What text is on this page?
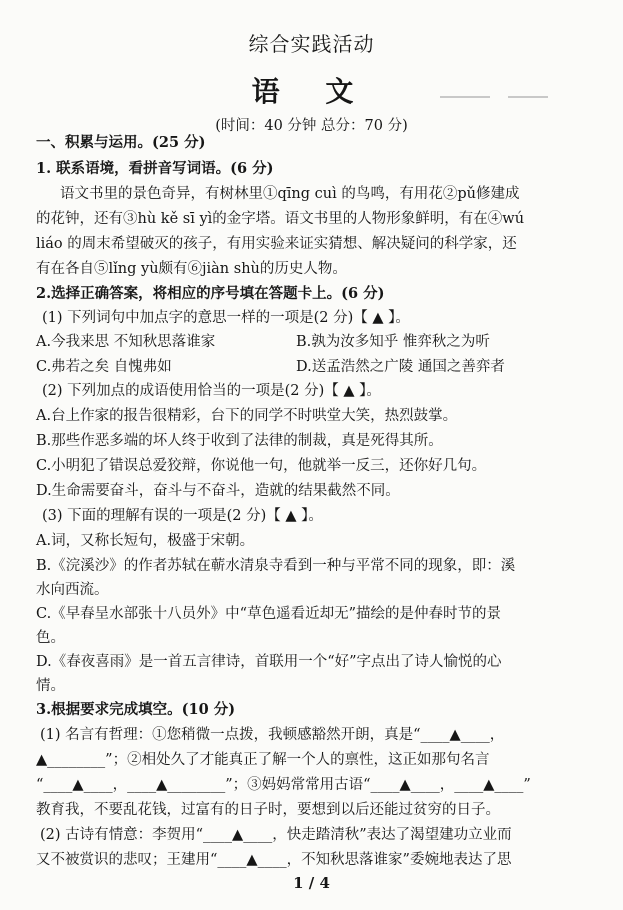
综合实践活动
语 文
(时间：40 分钟 总分：70 分)
一、积累与运用。(25 分)
1. 联系语境，看拼音写词语。(6 分)
语文书里的景色奇异，有树林里①qīng cuì 的鸟鸣，有用花②pǔ修建成
的花钟，还有③hù kě sī yì的金字塔。语文书里的人物形象鲜明，有在④wú
liáo 的周末希望破灭的孩子，有用实验来证实猜想、解决疑问的科学家，还
有在各自⑤lǐng yù颇有⑥jiàn shù的历史人物。
2.选择正确答案，将相应的序号填在答题卡上。(6 分)
(1) 下列词句中加点字的意思一样的一项是(2 分)【 ▲ 】。
A.今我来思 不知秋思落谁家	B.孰为汝多知乎 惟弈秋之为听
C.弗若之矣 自愧弗如	D.送孟浩然之广陵 通国之善弈者
(2) 下列加点的成语使用恰当的一项是(2 分)【 ▲ 】。
A.台上作家的报告很精彩，台下的同学不时哄堂大笑，热烈鼓掌。
B.那些作恶多端的坏人终于收到了法律的制裁，真是死得其所。
C.小明犯了错误总爱狡辩，你说他一句，他就举一反三，还你好几句。
D.生命需要奋斗，奋斗与不奋斗，造就的结果截然不同。
(3) 下面的理解有误的一项是(2 分)【 ▲ 】。
A.词，又称长短句，极盛于宋朝。
B.《浣溪沙》的作者苏轼在蕲水清泉寺看到一种与平常不同的现象，即：溪
水向西流。
C.《早春呈水部张十八员外》中“草色遥看近却无”描绘的是仲春时节的景
色。
D.《春夜喜雨》是一首五言律诗，首联用一个“好”字点出了诗人愉悦的心
情。
3.根据要求完成填空。(10 分)
(1) 名言有哲理：①您稍微一点拨，我顿感豁然开朗，真是“____▲____，
▲________”；②相处久了才能真正了解一个人的禀性，这正如那句名言
“____▲____，____▲________”；③妈妈常常用古语“____▲____，____▲____”
教育我，不要乱花钱，过富有的日子时，要想到以后还能过贫穷的日子。
(2) 古诗有情意：李贺用“____▲____，快走踏清秋”表达了渴望建功立业而
又不被赏识的悲叹；王建用“____▲____，不知秋思落谁家”委婉地表达了思
1 / 4
